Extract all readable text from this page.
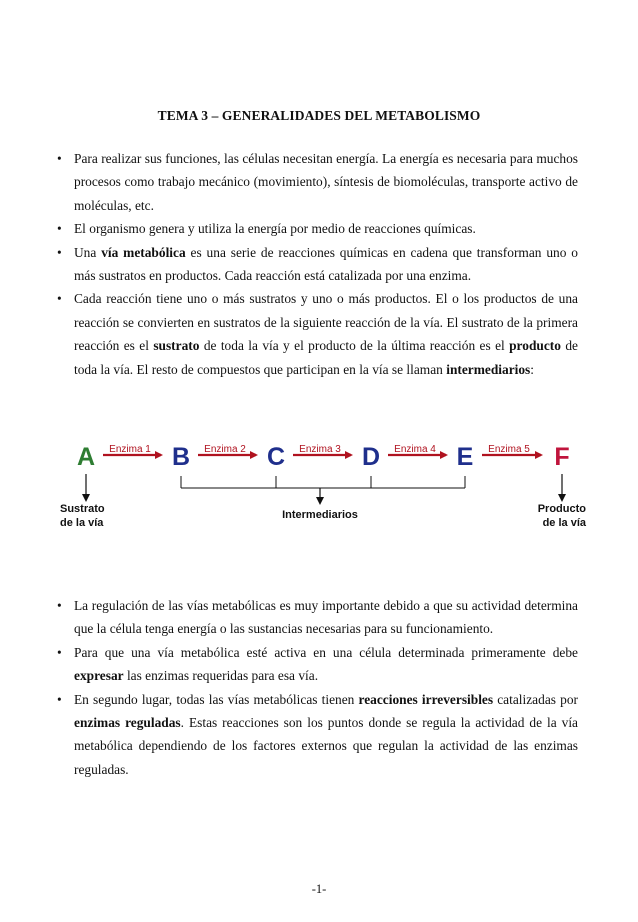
TEMA 3 – GENERALIDADES DEL METABOLISMO
• Para realizar sus funciones, las células necesitan energía. La energía es necesaria para muchos procesos como trabajo mecánico (movimiento), síntesis de biomoléculas, transporte activo de moléculas, etc.
• El organismo genera y utiliza la energía por medio de reacciones químicas.
• Una vía metabólica es una serie de reacciones químicas en cadena que transforman uno o más sustratos en productos. Cada reacción está catalizada por una enzima.
• Cada reacción tiene uno o más sustratos y uno o más productos. El o los productos de una reacción se convierten en sustratos de la siguiente reacción de la vía. El sustrato de la primera reacción es el sustrato de toda la vía y el producto de la última reacción es el producto de toda la vía. El resto de compuestos que participan en la vía se llaman intermediarios:
A	B	C	D	E	F
Enzima 1	Enzima 2	Enzima 3	Enzima 4	Enzima 5
Sustrato
de la vía
Intermediarios	Producto
de la vía
• La regulación de las vías metabólicas es muy importante debido a que su actividad determina que la célula tenga energía o las sustancias necesarias para su funcionamiento.
• Para que una vía metabólica esté activa en una célula determinada primeramente debe expresar las enzimas requeridas para esa vía.
• En segundo lugar, todas las vías metabólicas tienen reacciones irreversibles catalizadas por enzimas reguladas. Estas reacciones son los puntos donde se regula la actividad de la vía metabólica dependiendo de los factores externos que regulan la actividad de las enzimas reguladas.
-1-
